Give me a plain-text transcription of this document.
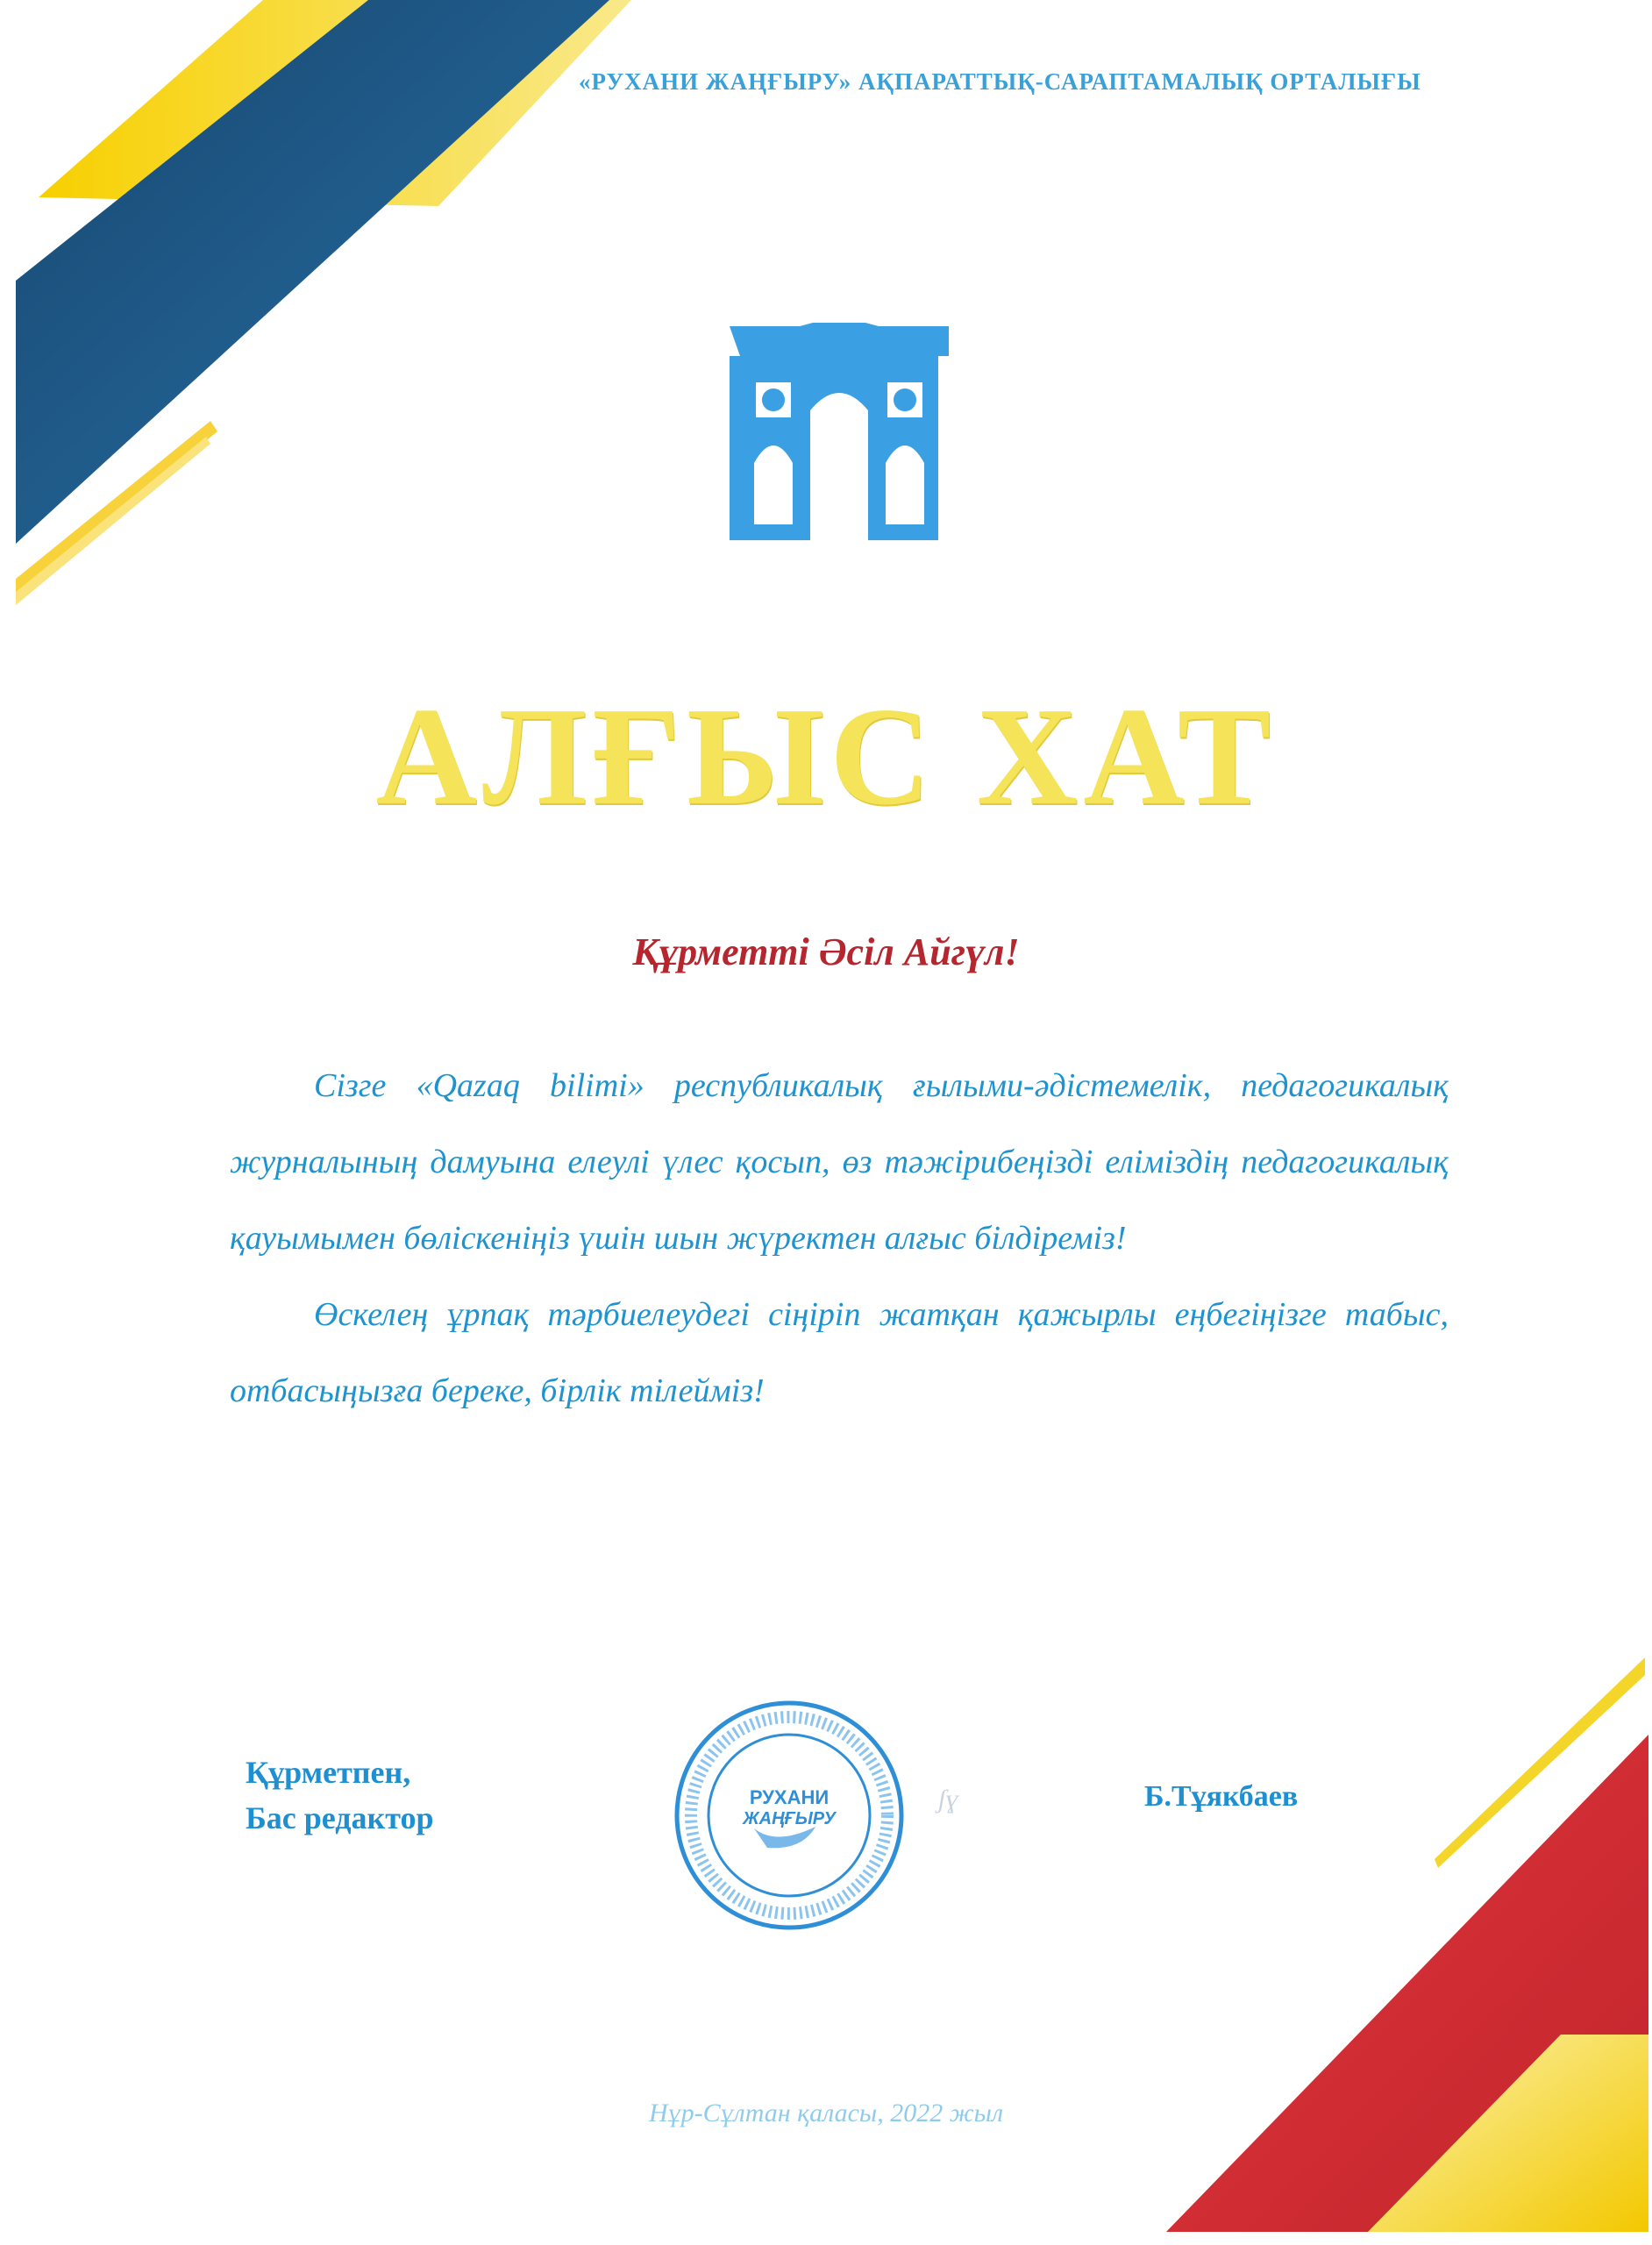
«РУХАНИ ЖАҢҒЫРУ» АҚПАРАТТЫҚ-САРАПТАМАЛЫҚ ОРТАЛЫҒЫ
АЛҒЫС ХАТ
Құрметті Әсіл Айгүл!

Сізге «Qazaq bilimi» республикалық ғылыми-әдістемелік, педагогикалық журналының дамуына елеулі үлес қосып, өз тәжірибеңізді еліміздің педагогикалық қауымымен бөліскеніңіз үшін шын жүректен алғыс білдіреміз!

Өскелең ұрпақ тәрбиелеудегі сіңіріп жатқан қажырлы еңбегіңізге табыс, отбасыңызға береке, бірлік тілейміз!

Құрметпен,
Бас редактор
ʃɣ	Б.Тұякбаев
РУХАНИ
ЖАҢҒЫРУ
Нұр-Сұлтан қаласы, 2022 жыл
